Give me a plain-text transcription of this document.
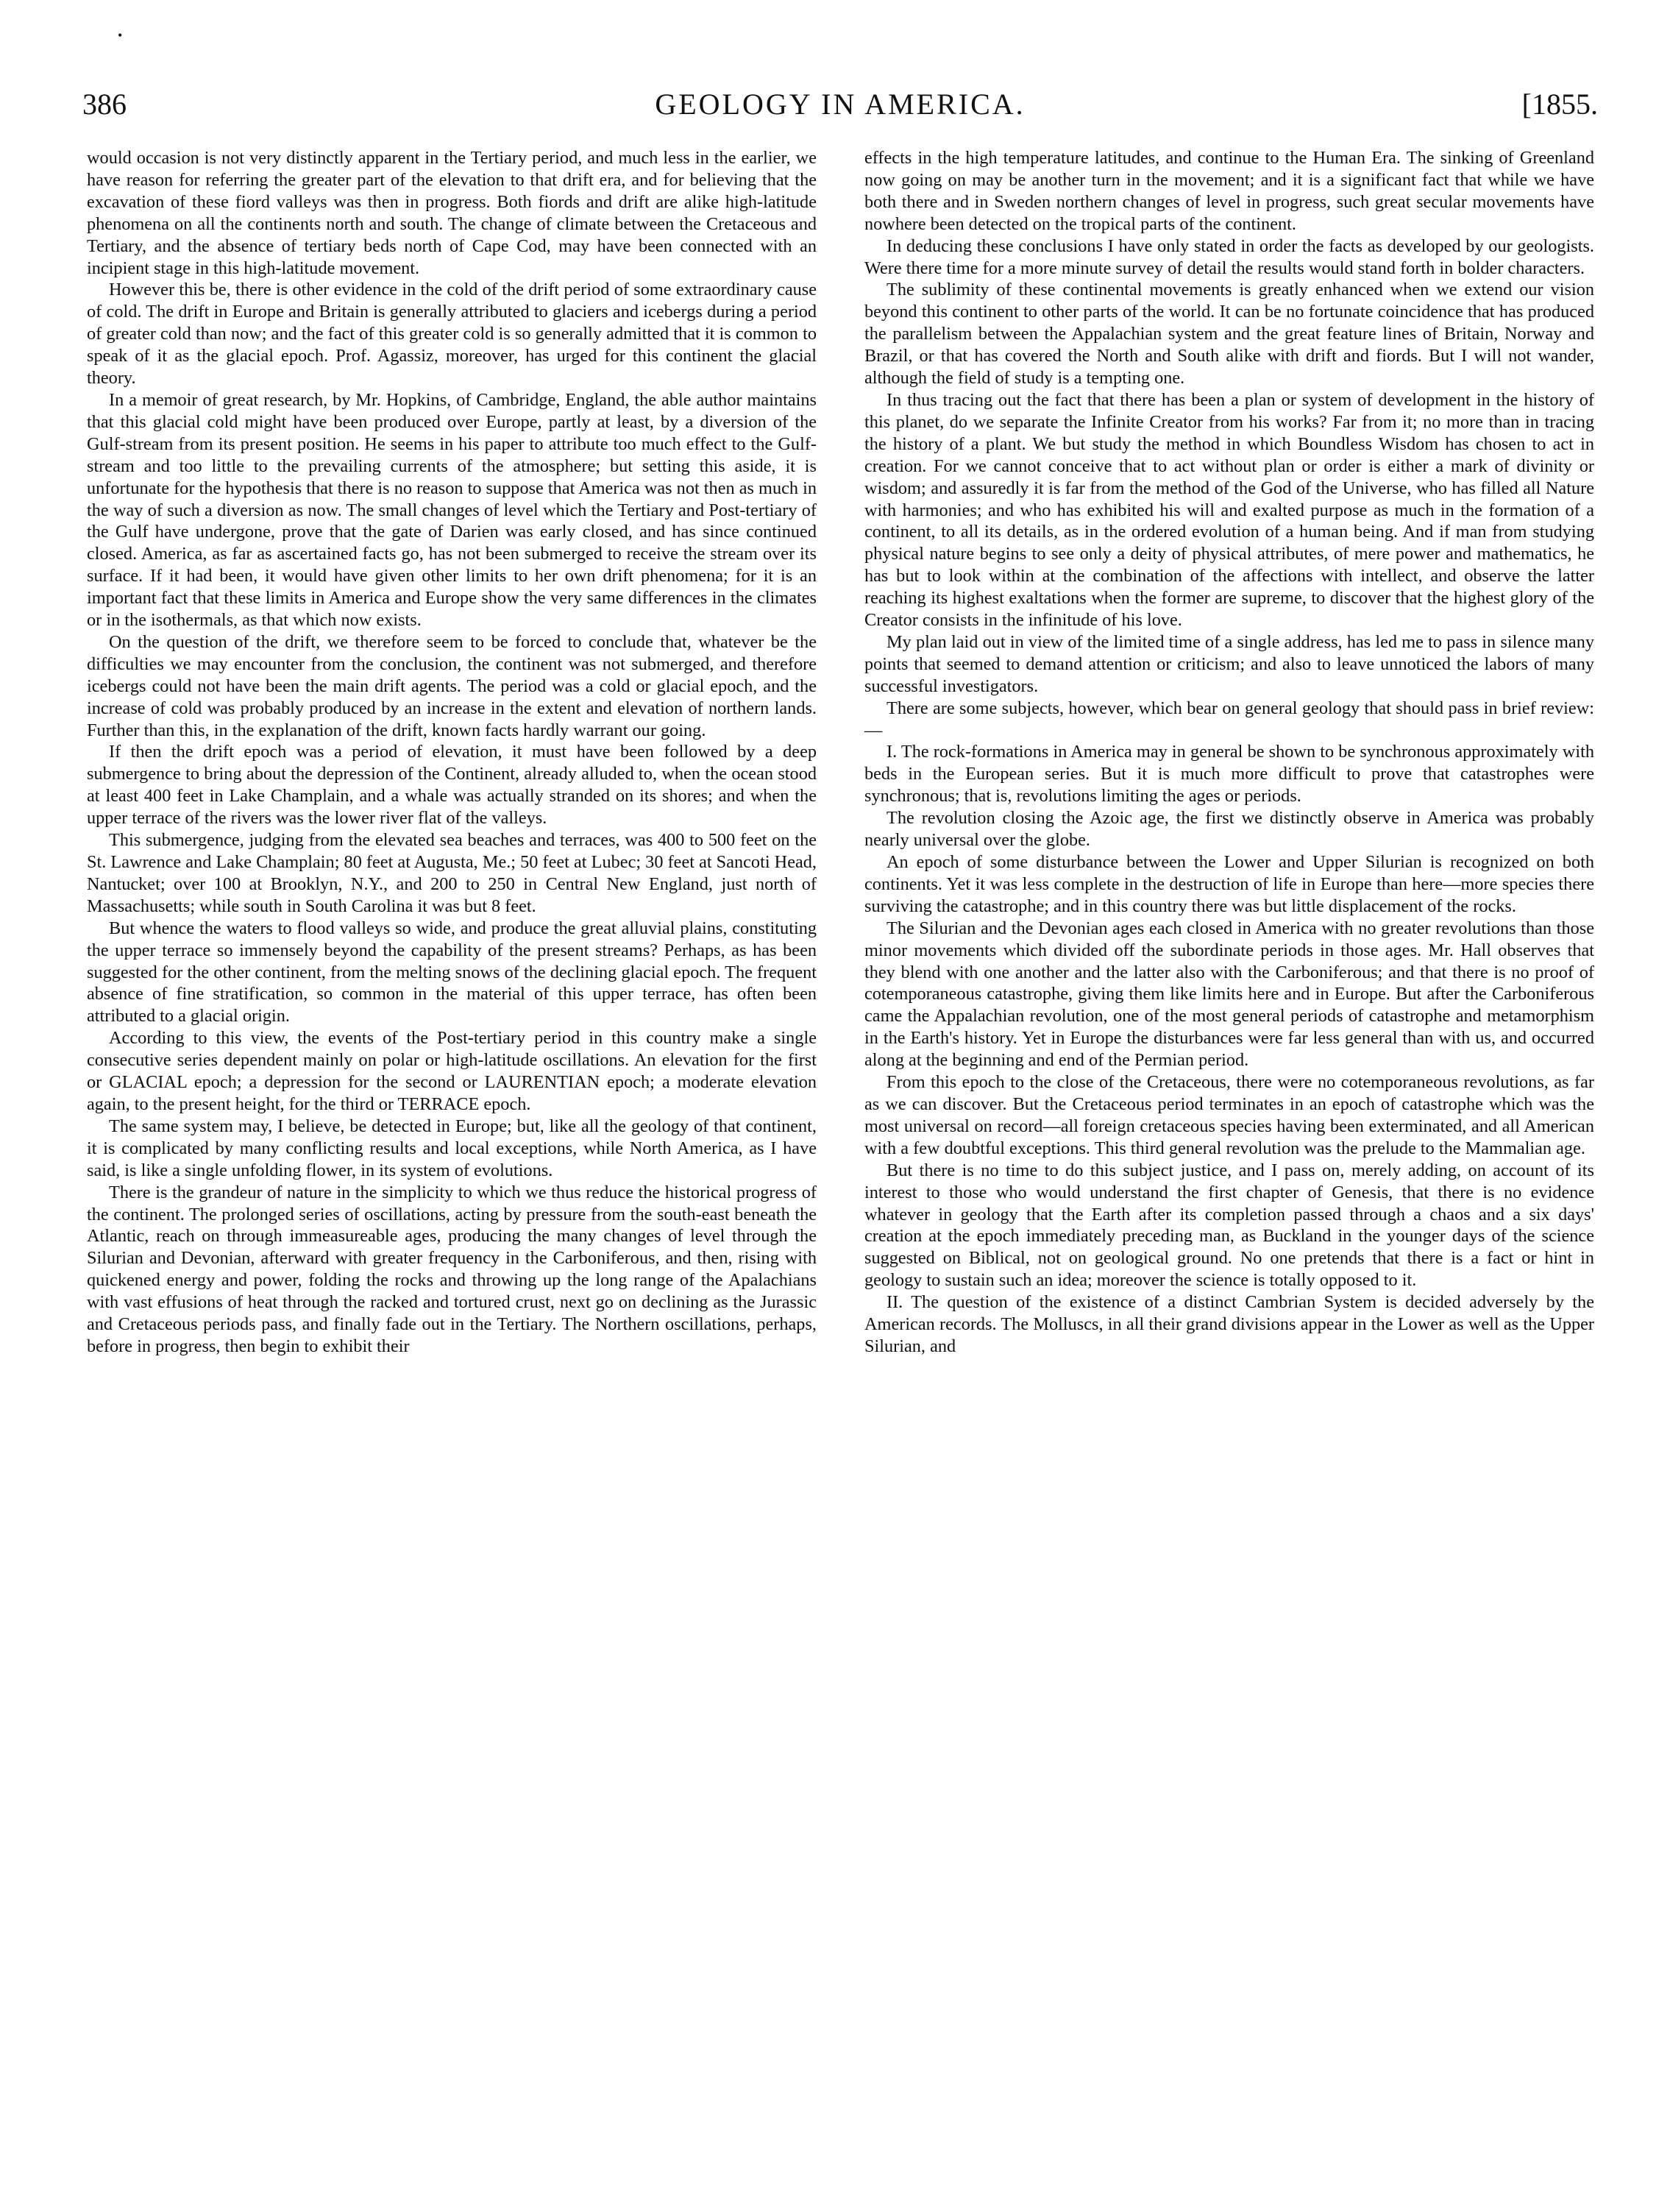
•
386	GEOLOGY IN AMERICA.	[1855.

would occasion is not very distinctly apparent in the Tertiary period, and much less in the earlier, we have reason for referring the greater part of the elevation to that drift era, and for believing that the excavation of these fiord valleys was then in progress. Both fiords and drift are alike high-latitude phenomena on all the continents north and south. The change of climate between the Cretaceous and Tertiary, and the absence of tertiary beds north of Cape Cod, may have been connected with an incipient stage in this high-latitude movement.

However this be, there is other evidence in the cold of the drift period of some extraordinary cause of cold. The drift in Europe and Britain is generally attributed to glaciers and icebergs during a period of greater cold than now; and the fact of this greater cold is so generally admitted that it is common to speak of it as the glacial epoch. Prof. Agassiz, moreover, has urged for this continent the glacial theory.

In a memoir of great research, by Mr. Hopkins, of Cambridge, England, the able author maintains that this glacial cold might have been produced over Europe, partly at least, by a diversion of the Gulf-stream from its present position. He seems in his paper to attribute too much effect to the Gulf-stream and too little to the prevailing currents of the atmosphere; but setting this aside, it is unfortunate for the hypothesis that there is no reason to suppose that America was not then as much in the way of such a diversion as now. The small changes of level which the Tertiary and Post-tertiary of the Gulf have undergone, prove that the gate of Darien was early closed, and has since continued closed. America, as far as ascertained facts go, has not been submerged to receive the stream over its surface. If it had been, it would have given other limits to her own drift phenomena; for it is an important fact that these limits in America and Europe show the very same differences in the climates or in the isothermals, as that which now exists.

On the question of the drift, we therefore seem to be forced to conclude that, whatever be the difficulties we may encounter from the conclusion, the continent was not submerged, and therefore icebergs could not have been the main drift agents. The period was a cold or glacial epoch, and the increase of cold was probably produced by an increase in the extent and elevation of northern lands. Further than this, in the explanation of the drift, known facts hardly warrant our going.

If then the drift epoch was a period of elevation, it must have been followed by a deep submergence to bring about the depression of the Continent, already alluded to, when the ocean stood at least 400 feet in Lake Champlain, and a whale was actually stranded on its shores; and when the upper terrace of the rivers was the lower river flat of the valleys.

This submergence, judging from the elevated sea beaches and terraces, was 400 to 500 feet on the St. Lawrence and Lake Champlain; 80 feet at Augusta, Me.; 50 feet at Lubec; 30 feet at Sancoti Head, Nantucket; over 100 at Brooklyn, N.Y., and 200 to 250 in Central New England, just north of Massachusetts; while south in South Carolina it was but 8 feet.

But whence the waters to flood valleys so wide, and produce the great alluvial plains, constituting the upper terrace so immensely beyond the capability of the present streams? Perhaps, as has been suggested for the other continent, from the melting snows of the declining glacial epoch. The frequent absence of fine stratification, so common in the material of this upper terrace, has often been attributed to a glacial origin.

According to this view, the events of the Post-tertiary period in this country make a single consecutive series dependent mainly on polar or high-latitude oscillations. An elevation for the first or GLACIAL epoch; a depression for the second or LAURENTIAN epoch; a moderate elevation again, to the present height, for the third or TERRACE epoch.

The same system may, I believe, be detected in Europe; but, like all the geology of that continent, it is complicated by many conflicting results and local exceptions, while North America, as I have said, is like a single unfolding flower, in its system of evolutions.

There is the grandeur of nature in the simplicity to which we thus reduce the historical progress of the continent. The prolonged series of oscillations, acting by pressure from the south-east beneath the Atlantic, reach on through immeasureable ages, producing the many changes of level through the Silurian and Devonian, afterward with greater frequency in the Carboniferous, and then, rising with quickened energy and power, folding the rocks and throwing up the long range of the Apalachians with vast effusions of heat through the racked and tortured crust, next go on declining as the Jurassic and Cretaceous periods pass, and finally fade out in the Tertiary. The Northern oscillations, perhaps, before in progress, then begin to exhibit their

effects in the high temperature latitudes, and continue to the Human Era. The sinking of Greenland now going on may be another turn in the movement; and it is a significant fact that while we have both there and in Sweden northern changes of level in progress, such great secular movements have nowhere been detected on the tropical parts of the continent.

In deducing these conclusions I have only stated in order the facts as developed by our geologists. Were there time for a more minute survey of detail the results would stand forth in bolder characters.

The sublimity of these continental movements is greatly enhanced when we extend our vision beyond this continent to other parts of the world. It can be no fortunate coincidence that has produced the parallelism between the Appalachian system and the great feature lines of Britain, Norway and Brazil, or that has covered the North and South alike with drift and fiords. But I will not wander, although the field of study is a tempting one.

In thus tracing out the fact that there has been a plan or system of development in the history of this planet, do we separate the Infinite Creator from his works? Far from it; no more than in tracing the history of a plant. We but study the method in which Boundless Wisdom has chosen to act in creation. For we cannot conceive that to act without plan or order is either a mark of divinity or wisdom; and assuredly it is far from the method of the God of the Universe, who has filled all Nature with harmonies; and who has exhibited his will and exalted purpose as much in the formation of a continent, to all its details, as in the ordered evolution of a human being. And if man from studying physical nature begins to see only a deity of physical attributes, of mere power and mathematics, he has but to look within at the combination of the affections with intellect, and observe the latter reaching its highest exaltations when the former are supreme, to discover that the highest glory of the Creator consists in the infinitude of his love.

My plan laid out in view of the limited time of a single address, has led me to pass in silence many points that seemed to demand attention or criticism; and also to leave unnoticed the labors of many successful investigators.

There are some subjects, however, which bear on general geology that should pass in brief review:—

I. The rock-formations in America may in general be shown to be synchronous approximately with beds in the European series. But it is much more difficult to prove that catastrophes were synchronous; that is, revolutions limiting the ages or periods.

The revolution closing the Azoic age, the first we distinctly observe in America was probably nearly universal over the globe.

An epoch of some disturbance between the Lower and Upper Silurian is recognized on both continents. Yet it was less complete in the destruction of life in Europe than here—more species there surviving the catastrophe; and in this country there was but little displacement of the rocks.

The Silurian and the Devonian ages each closed in America with no greater revolutions than those minor movements which divided off the subordinate periods in those ages. Mr. Hall observes that they blend with one another and the latter also with the Carboniferous; and that there is no proof of cotemporaneous catastrophe, giving them like limits here and in Europe. But after the Carboniferous came the Appalachian revolution, one of the most general periods of catastrophe and metamorphism in the Earth's history. Yet in Europe the disturbances were far less general than with us, and occurred along at the beginning and end of the Permian period.

From this epoch to the close of the Cretaceous, there were no cotemporaneous revolutions, as far as we can discover. But the Cretaceous period terminates in an epoch of catastrophe which was the most universal on record—all foreign cretaceous species having been exterminated, and all American with a few doubtful exceptions. This third general revolution was the prelude to the Mammalian age.

But there is no time to do this subject justice, and I pass on, merely adding, on account of its interest to those who would understand the first chapter of Genesis, that there is no evidence whatever in geology that the Earth after its completion passed through a chaos and a six days' creation at the epoch immediately preceding man, as Buckland in the younger days of the science suggested on Biblical, not on geological ground. No one pretends that there is a fact or hint in geology to sustain such an idea; moreover the science is totally opposed to it.

II. The question of the existence of a distinct Cambrian System is decided adversely by the American records. The Molluscs, in all their grand divisions appear in the Lower as well as the Upper Silurian, and
